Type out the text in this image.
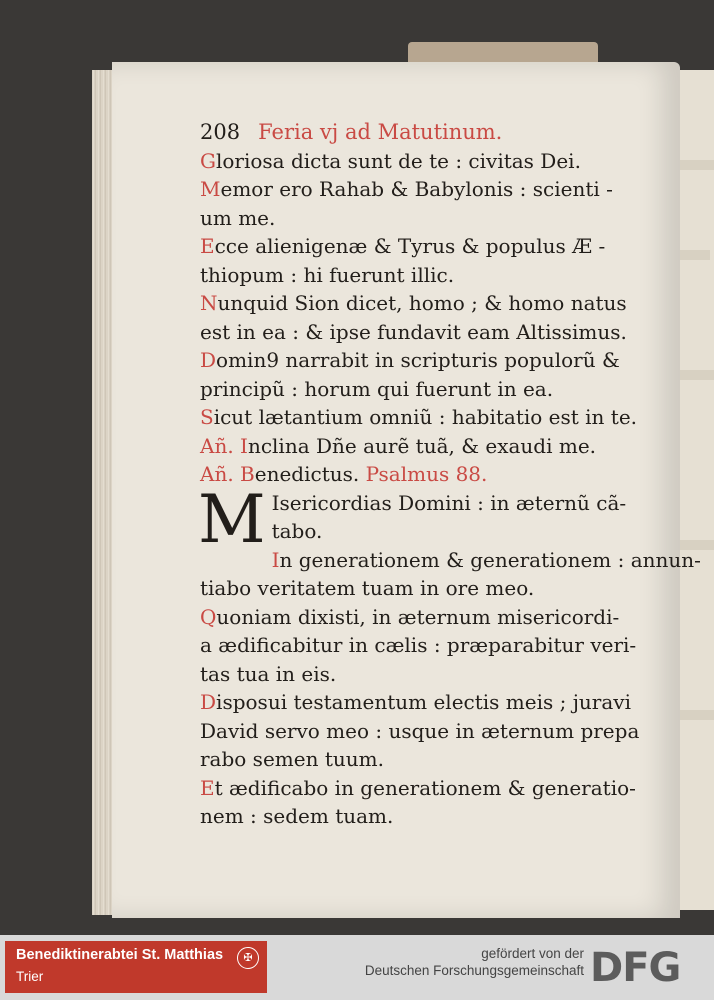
208 Feria vj ad Matutinum.
Gloriosa dicta sunt de te : civitas Dei.
Memor ero Rahab & Babylonis : scienti -
um me.
Ecce alienigenæ & Tyrus & populus Æ -
thiopum : hi fuerunt illic.
Nunquid Sion dicet, homo ; & homo natus
est in ea : & ipse fundavit eam Altissimus.
Domin9 narrabit in scripturis populorũ &
principũ : horum qui fuerunt in ea.
Sicut lætantium omniũ : habitatio est in te.
Añ. Inclina Dñe aurẽ tuã, & exaudi me.
Añ. Benedictus. Psalmus 88.
M Isericordias Domini : in æternũ cã-
tabo.
In generationem & generationem : annun-
tiabo veritatem tuam in ore meo.
Quoniam dixisti, in æternum misericordi-
a ædificabitur in cælis : præparabitur veri-
tas tua in eis.
Disposui testamentum electis meis ; juravi
David servo meo : usque in æternum prepa
rabo semen tuum.
Et ædificabo in generationem & generatio-
nem : sedem tuam.
Benediktinerabtei St. Matthias
Trier
✠	gefördert von der
Deutschen Forschungsgemeinschaft DFG
